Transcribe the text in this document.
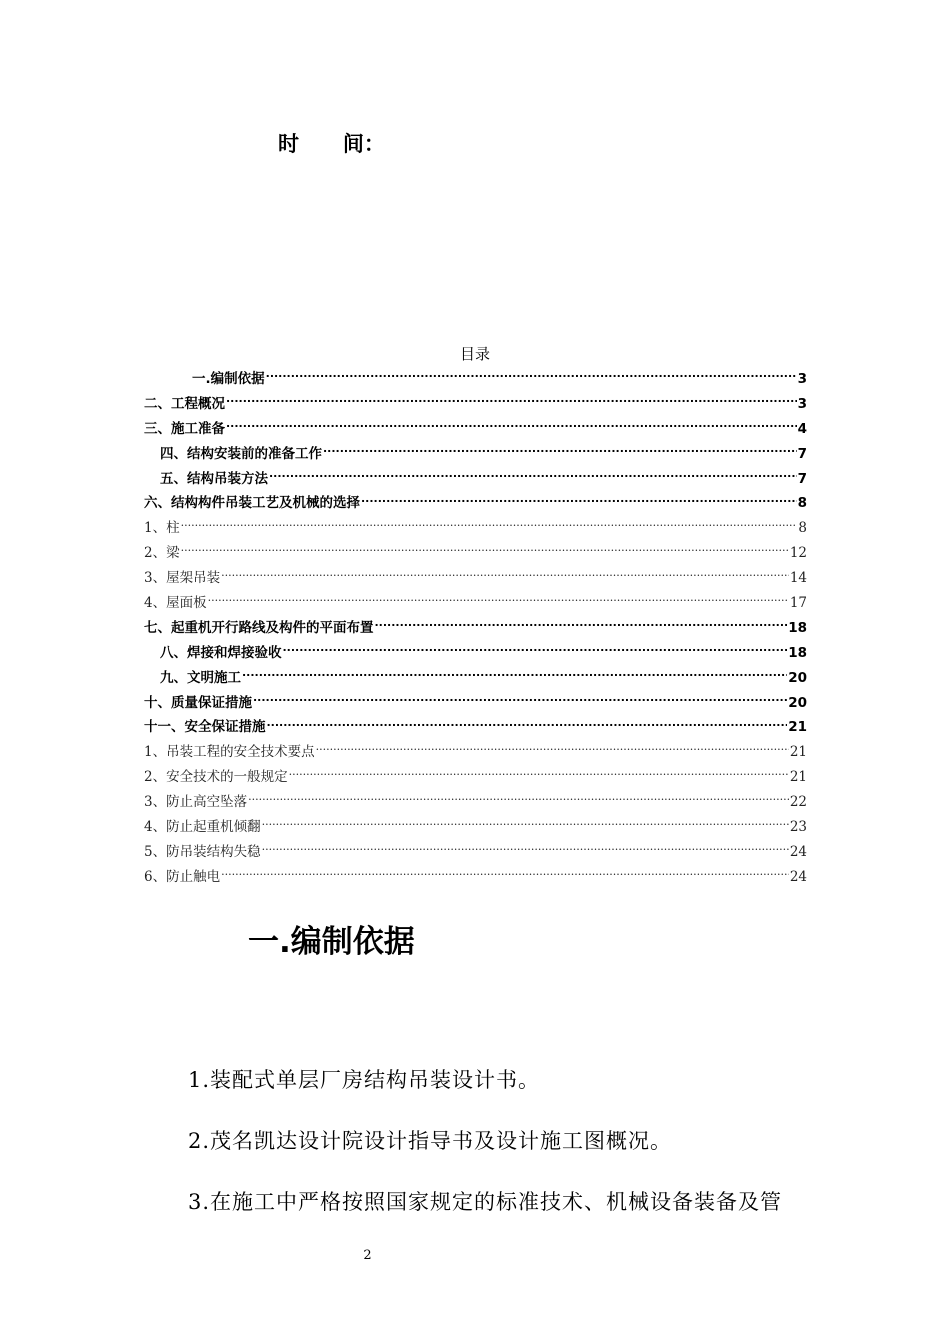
时      间：
目录
一.编制依据 .....	3
二、工程概况 .....	3
三、施工准备 .....	4
四、结构安装前的准备工作 .....	7
五、结构吊装方法 .....	7
六、结构构件吊装工艺及机械的选择 .....	8
1、柱 .....	8
2、梁 .....	12
3、屋架吊装 .....	14
4、屋面板 .....	17
七、起重机开行路线及构件的平面布置 .....	18
八、焊接和焊接验收 .....	18
九、文明施工 .....	20
十、质量保证措施 .....	20
十一、安全保证措施 .....	21
1、吊装工程的安全技术要点 .....	21
2、安全技术的一般规定 .....	21
3、防止高空坠落 .....	22
4、防止起重机倾翻 .....	23
5、防吊装结构失稳 .....	24
6、防止触电 .....	24
一.编制依据
1.装配式单层厂房结构吊装设计书。
2.茂名凯达设计院设计指导书及设计施工图概况。
3.在施工中严格按照国家规定的标准技术、机械设备装备及管
2
